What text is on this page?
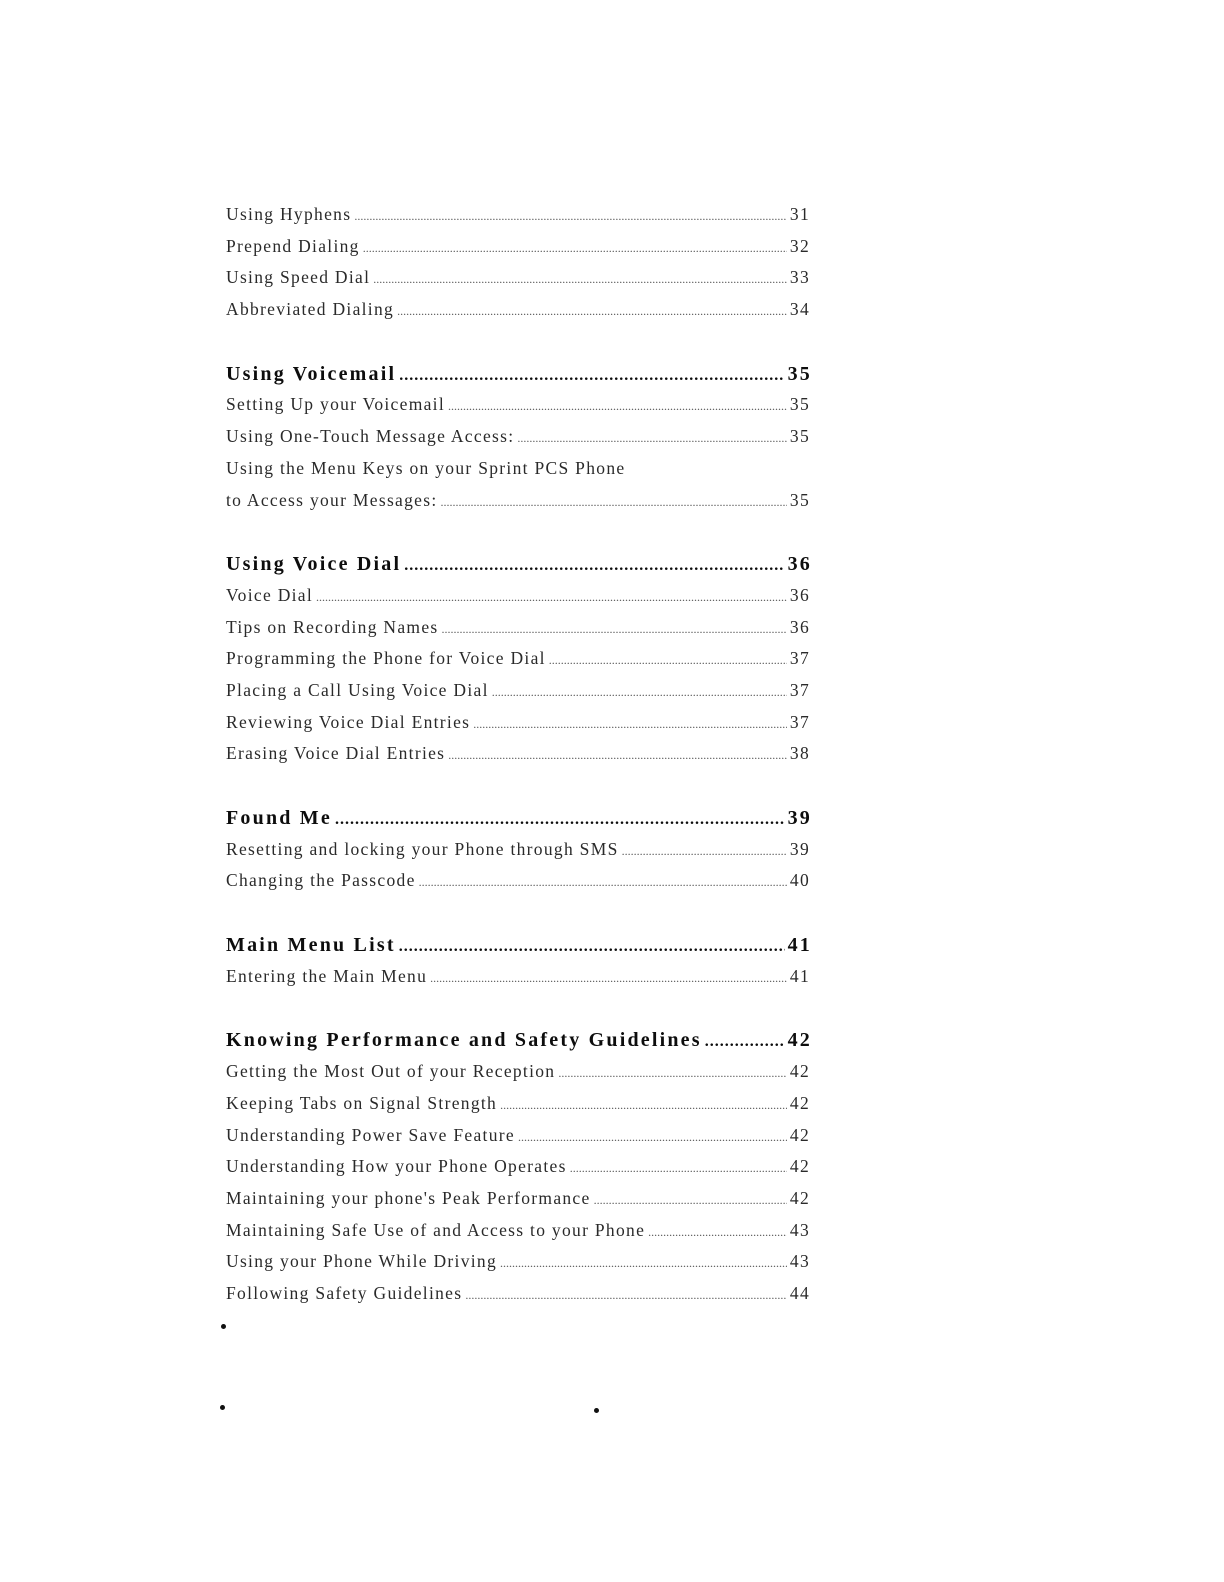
Using Hyphens .....	31
Prepend Dialing .....	32
Using Speed Dial .....	33
Abbreviated Dialing .....	34
Using Voicemail .....	35
Setting Up your Voicemail .....	35
Using One-Touch Message Access: .....	35
Using the Menu Keys on your Sprint PCS Phone
to Access your Messages: .....	35
Using Voice Dial .....	36
Voice Dial .....	36
Tips on Recording Names .....	36
Programming the Phone for Voice Dial .....	37
Placing a Call Using Voice Dial .....	37
Reviewing Voice Dial Entries .....	37
Erasing Voice Dial Entries .....	38
Found Me .....	39
Resetting and locking your Phone through SMS .....	39
Changing the Passcode .....	40
Main Menu List .....	41
Entering the Main Menu .....	41
Knowing Performance and Safety Guidelines .....	42
Getting the Most Out of your Reception .....	42
Keeping Tabs on Signal Strength .....	42
Understanding Power Save Feature .....	42
Understanding How your Phone Operates .....	42
Maintaining your phone's Peak Performance .....	42
Maintaining Safe Use of and Access to your Phone .....	43
Using your Phone While Driving .....	43
Following Safety Guidelines .....	44
